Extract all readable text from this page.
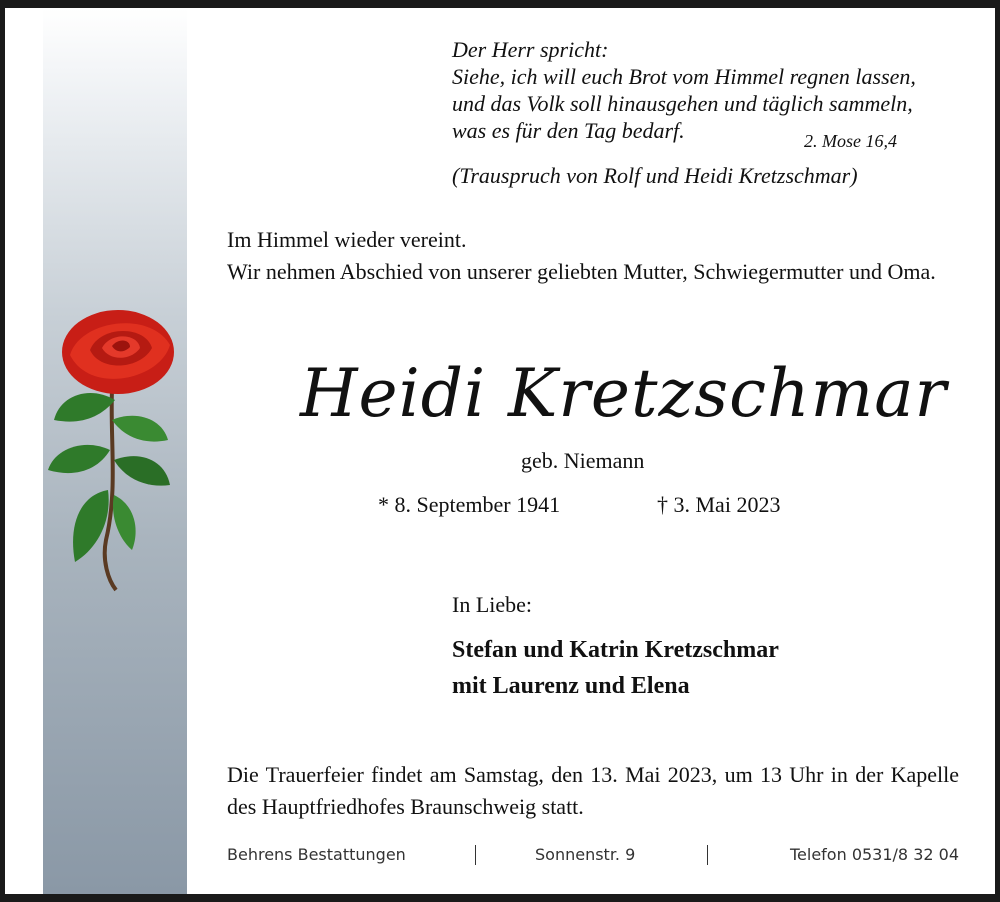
Der Herr spricht:
Siehe, ich will euch Brot vom Himmel regnen lassen,
und das Volk soll hinausgehen und täglich sammeln,
was es für den Tag bedarf.	2. Mose 16,4
(Trauspruch von Rolf und Heidi Kretzschmar)
Im Himmel wieder vereint.
Wir nehmen Abschied von unserer geliebten Mutter, Schwiegermutter und Oma.
Heidi Kretzschmar
geb. Niemann
* 8. September 1941	† 3. Mai 2023
In Liebe:
Stefan und Katrin Kretzschmar
mit Laurenz und Elena
Die Trauerfeier findet am Samstag, den 13. Mai 2023, um 13 Uhr in der Kapelle des Hauptfriedhofes Braunschweig statt.
Behrens Bestattungen	Sonnenstr. 9	Telefon 0531/8 32 04
